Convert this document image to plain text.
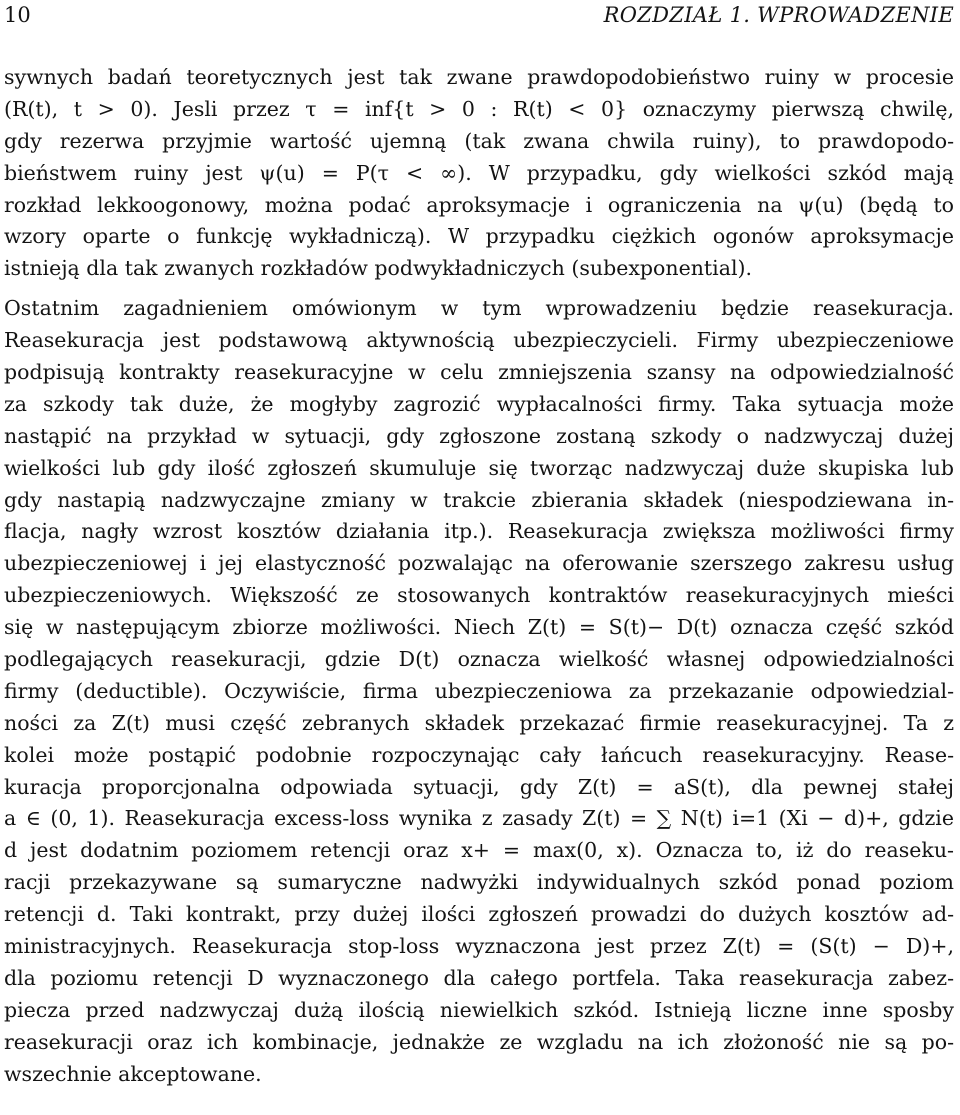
10	ROZDZIAŁ 1. WPROWADZENIE
sywnych badań teoretycznych jest tak zwane prawdopodobieństwo ruiny w procesie
(R(t), t > 0). Jesli przez τ = inf{t > 0 : R(t) < 0} oznaczymy pierwszą chwilę,
gdy rezerwa przyjmie wartość ujemną (tak zwana chwila ruiny), to prawdopodo-
bieństwem ruiny jest ψ(u) = P(τ < ∞). W przypadku, gdy wielkości szkód mają
rozkład lekkoogonowy, można podać aproksymacje i ograniczenia na ψ(u) (będą to
wzory oparte o funkcję wykładniczą). W przypadku ciężkich ogonów aproksymacje
istnieją dla tak zwanych rozkładów podwykładniczych (subexponential).
Ostatnim zagadnieniem omówionym w tym wprowadzeniu będzie reasekuracja.
Reasekuracja jest podstawową aktywnością ubezpieczycieli. Firmy ubezpieczeniowe
podpisują kontrakty reasekuracyjne w celu zmniejszenia szansy na odpowiedzialność
za szkody tak duże, że mogłyby zagrozić wypłacalności firmy. Taka sytuacja może
nastąpić na przykład w sytuacji, gdy zgłoszone zostaną szkody o nadzwyczaj dużej
wielkości lub gdy ilość zgłoszeń skumuluje się tworząc nadzwyczaj duże skupiska lub
gdy nastapią nadzwyczajne zmiany w trakcie zbierania składek (niespodziewana in-
flacja, nagły wzrost kosztów działania itp.). Reasekuracja zwiększa możliwości firmy
ubezpieczeniowej i jej elastyczność pozwalając na oferowanie szerszego zakresu usług
ubezpieczeniowych. Większość ze stosowanych kontraktów reasekuracyjnych mieści
się w następującym zbiorze możliwości. Niech Z(t) = S(t)− D(t) oznacza część szkód
podlegających reasekuracji, gdzie D(t) oznacza wielkość własnej odpowiedzialności
firmy (deductible). Oczywiście, firma ubezpieczeniowa za przekazanie odpowiedzial-
ności za Z(t) musi część zebranych składek przekazać firmie reasekuracyjnej. Ta z
kolei może postąpić podobnie rozpoczynając cały łańcuch reasekuracyjny. Rease-
kuracja proporcjonalna odpowiada sytuacji, gdy Z(t) = aS(t), dla pewnej stałej
a ∈ (0, 1). Reasekuracja excess-loss wynika z zasady Z(t) = ∑ N(t) i=1 (Xi − d)+, gdzie
d jest dodatnim poziomem retencji oraz x+ = max(0, x). Oznacza to, iż do reaseku-
racji przekazywane są sumaryczne nadwyżki indywidualnych szkód ponad poziom
retencji d. Taki kontrakt, przy dużej ilości zgłoszeń prowadzi do dużych kosztów ad-
ministracyjnych. Reasekuracja stop-loss wyznaczona jest przez Z(t) = (S(t) − D)+,
dla poziomu retencji D wyznaczonego dla całego portfela. Taka reasekuracja zabez-
piecza przed nadzwyczaj dużą ilością niewielkich szkód. Istnieją liczne inne sposby
reasekuracji oraz ich kombinacje, jednakże ze wzgladu na ich złożoność nie są po-
wszechnie akceptowane.
